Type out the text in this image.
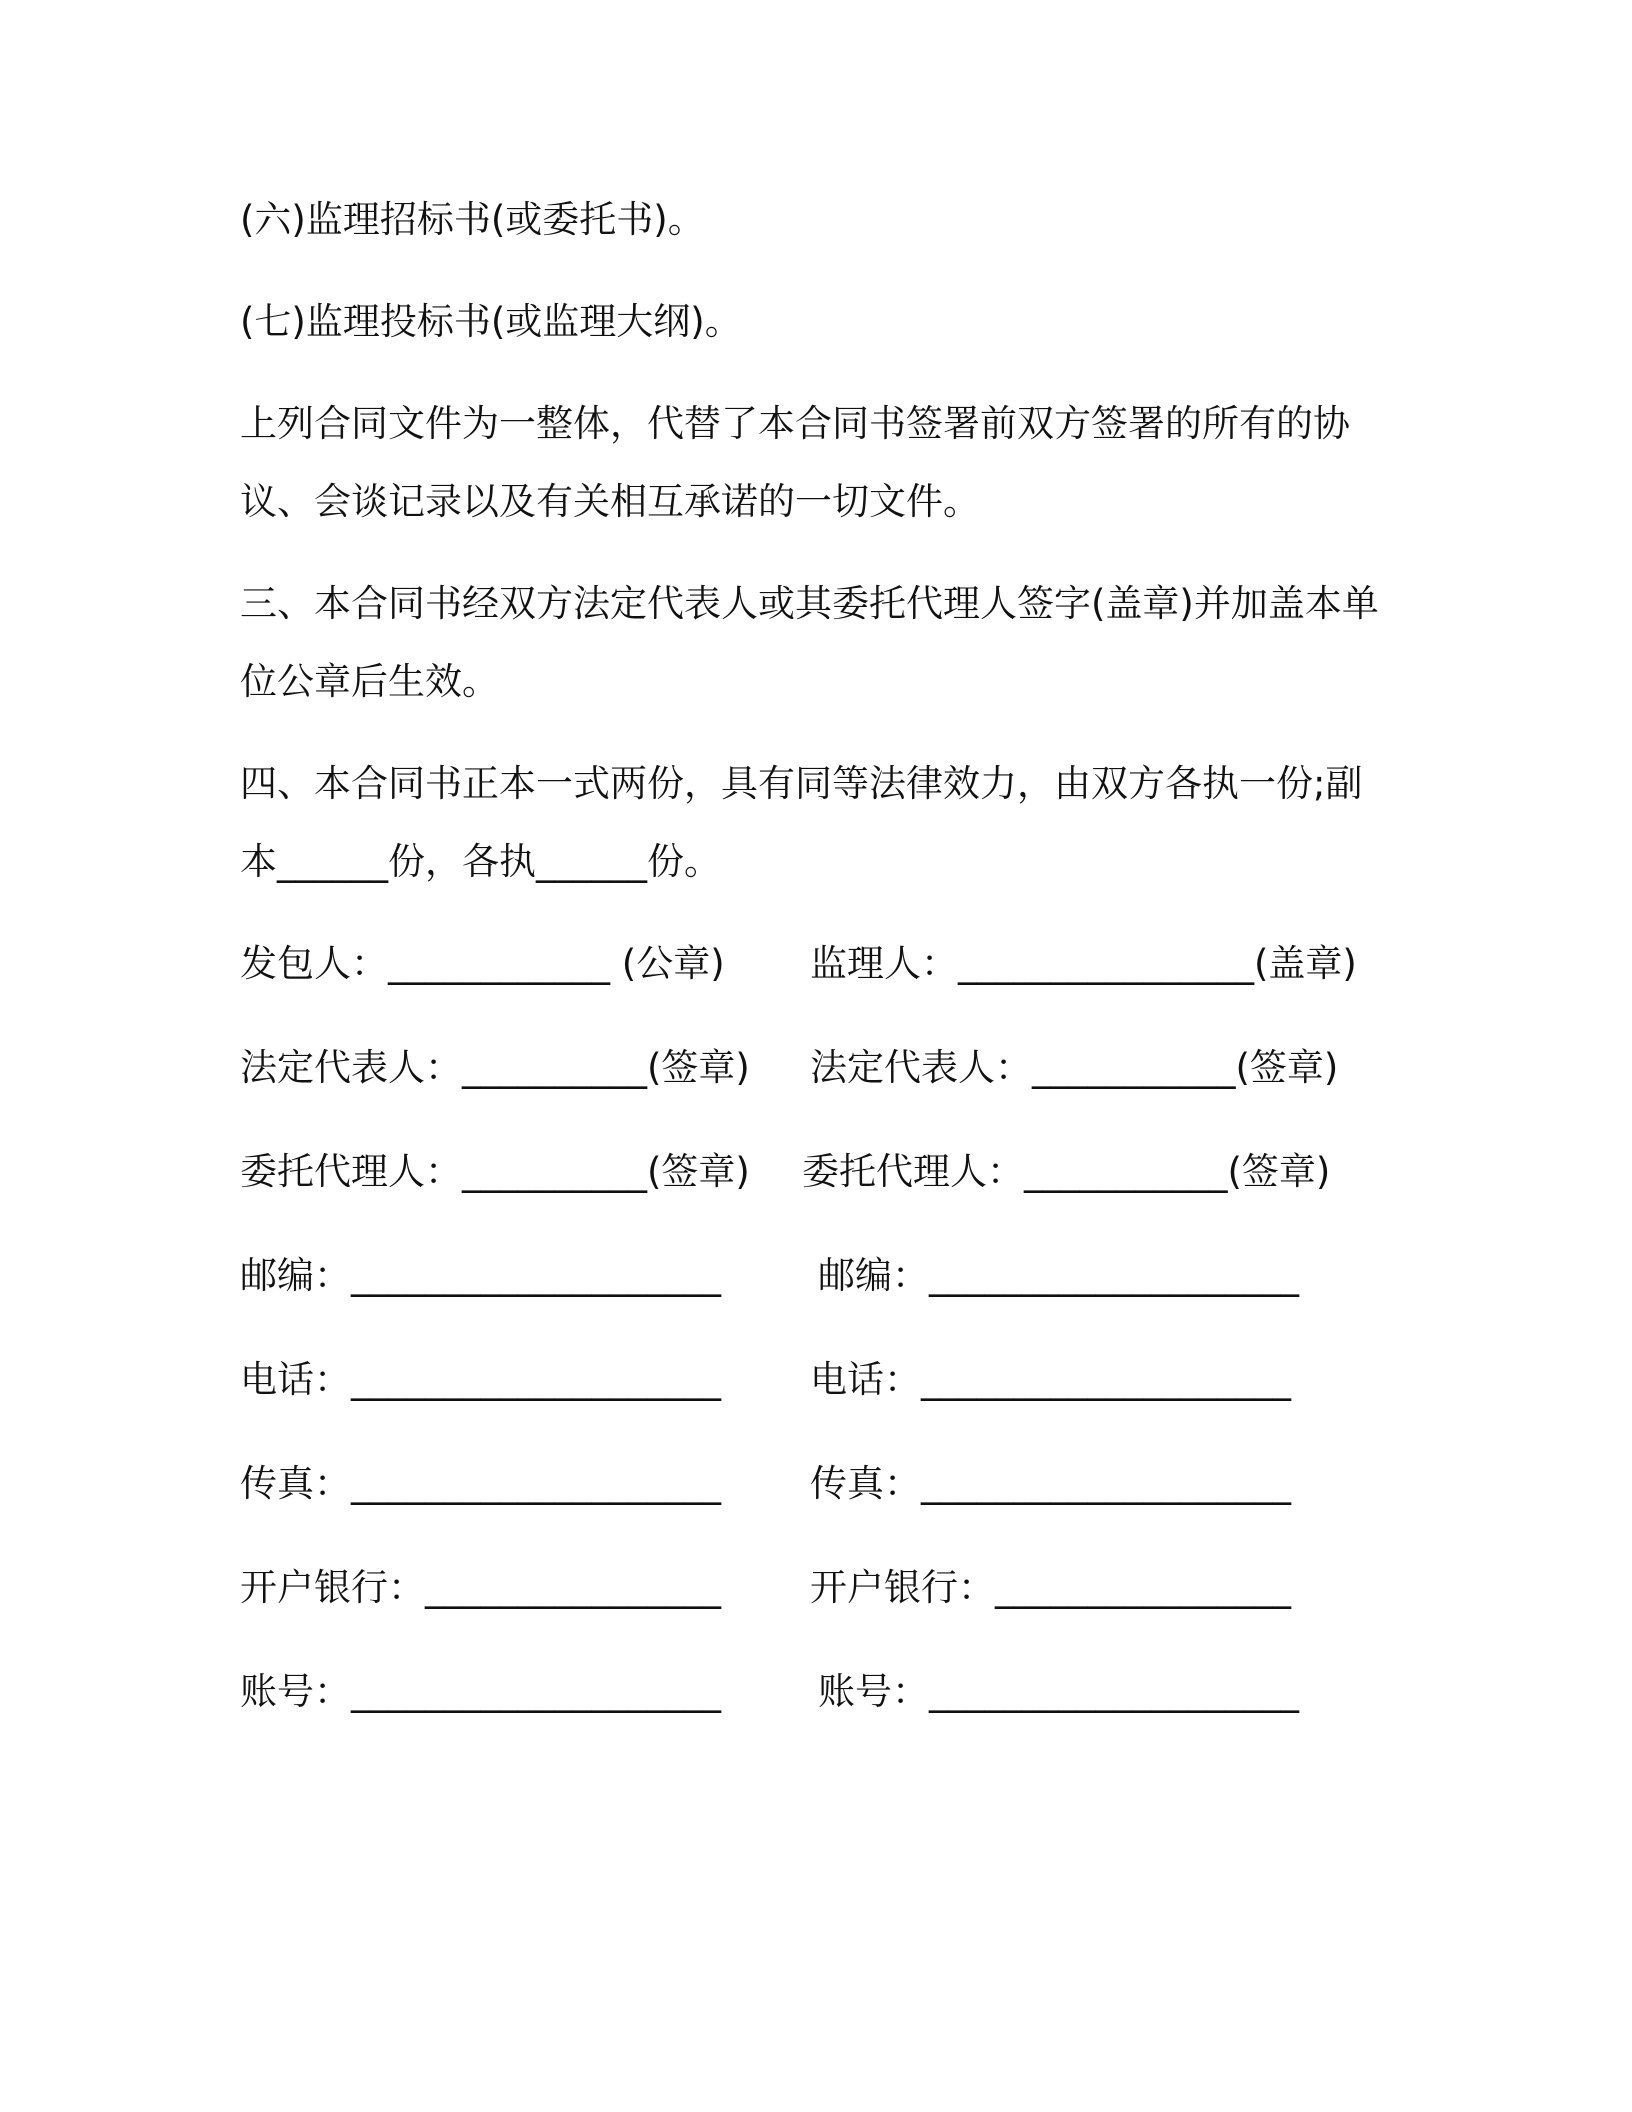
(六)监理招标书(或委托书)。
(七)监理投标书(或监理大纲)。
上列合同文件为一整体，代替了本合同书签署前双方签署的所有的协
议、会谈记录以及有关相互承诺的一切文件。
三、本合同书经双方法定代表人或其委托代理人签字(盖章)并加盖本单
位公章后生效。
四、本合同书正本一式两份，具有同等法律效力，由双方各执一份;副
本______份，各执______份。
发包人：____________ (公章) 监理人：________________(盖章)
法定代表人：__________(签章) 法定代表人：___________(签章)
委托代理人：__________(签章) 委托代理人：___________(签章)
邮编：____________________	邮编：____________________
电话：____________________ 电话：____________________
传真：____________________ 传真：____________________
开户银行：________________ 开户银行：________________
账号：____________________	账号：____________________
